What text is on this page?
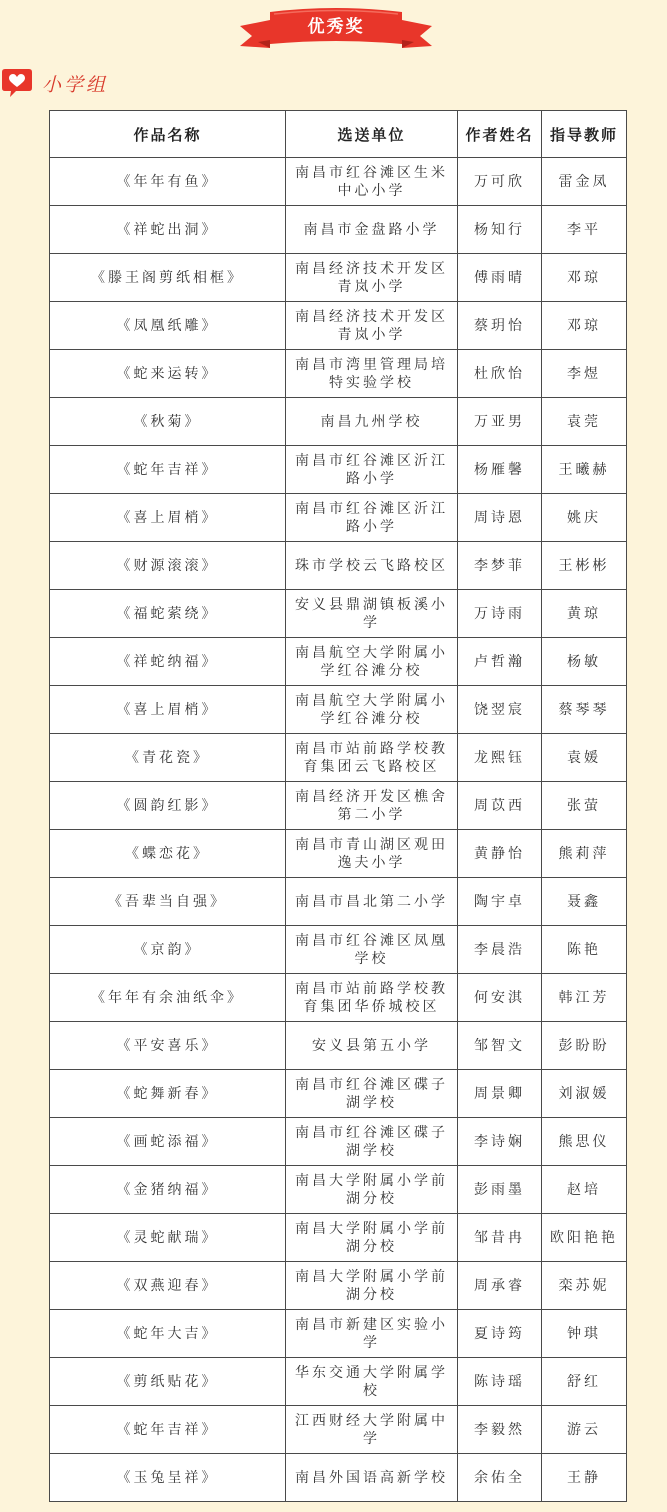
优秀奖
小学组
作品名称	选送单位	作者姓名	指导教师
《年年有鱼》	南昌市红谷滩区生米中心小学	万可欣	雷金凤
《祥蛇出洞》	南昌市金盘路小学	杨知行	李平
《滕王阁剪纸相框》	南昌经济技术开发区青岚小学	傅雨晴	邓琼
《凤凰纸雕》	南昌经济技术开发区青岚小学	蔡玥怡	邓琼
《蛇来运转》	南昌市湾里管理局培特实验学校	杜欣怡	李煜
《秋菊》	南昌九州学校	万亚男	袁莞
《蛇年吉祥》	南昌市红谷滩区沂江路小学	杨雁馨	王曦赫
《喜上眉梢》	南昌市红谷滩区沂江路小学	周诗恩	姚庆
《财源滚滚》	珠市学校云飞路校区	李梦菲	王彬彬
《福蛇萦绕》	安义县鼎湖镇板溪小学	万诗雨	黄琼
《祥蛇纳福》	南昌航空大学附属小学红谷滩分校	卢哲瀚	杨敏
《喜上眉梢》	南昌航空大学附属小学红谷滩分校	饶翌宸	蔡琴琴
《青花瓷》	南昌市站前路学校教育集团云飞路校区	龙熙钰	袁媛
《圆韵红影》	南昌经济开发区樵舍第二小学	周苡西	张萤
《蝶恋花》	南昌市青山湖区观田逸夫小学	黄静怡	熊莉萍
《吾辈当自强》	南昌市昌北第二小学	陶宇卓	聂鑫
《京韵》	南昌市红谷滩区凤凰学校	李晨浩	陈艳
《年年有余油纸伞》	南昌市站前路学校教育集团华侨城校区	何安淇	韩江芳
《平安喜乐》	安义县第五小学	邹智文	彭盼盼
《蛇舞新春》	南昌市红谷滩区碟子湖学校	周景卿	刘淑媛
《画蛇添福》	南昌市红谷滩区碟子湖学校	李诗娴	熊思仪
《金猪纳福》	南昌大学附属小学前湖分校	彭雨墨	赵培
《灵蛇献瑞》	南昌大学附属小学前湖分校	邹昔冉	欧阳艳艳
《双燕迎春》	南昌大学附属小学前湖分校	周承睿	栾苏妮
《蛇年大吉》	南昌市新建区实验小学	夏诗筠	钟琪
《剪纸贴花》	华东交通大学附属学校	陈诗瑶	舒红
《蛇年吉祥》	江西财经大学附属中学	李毅然	游云
《玉兔呈祥》	南昌外国语高新学校	余佑全	王静
